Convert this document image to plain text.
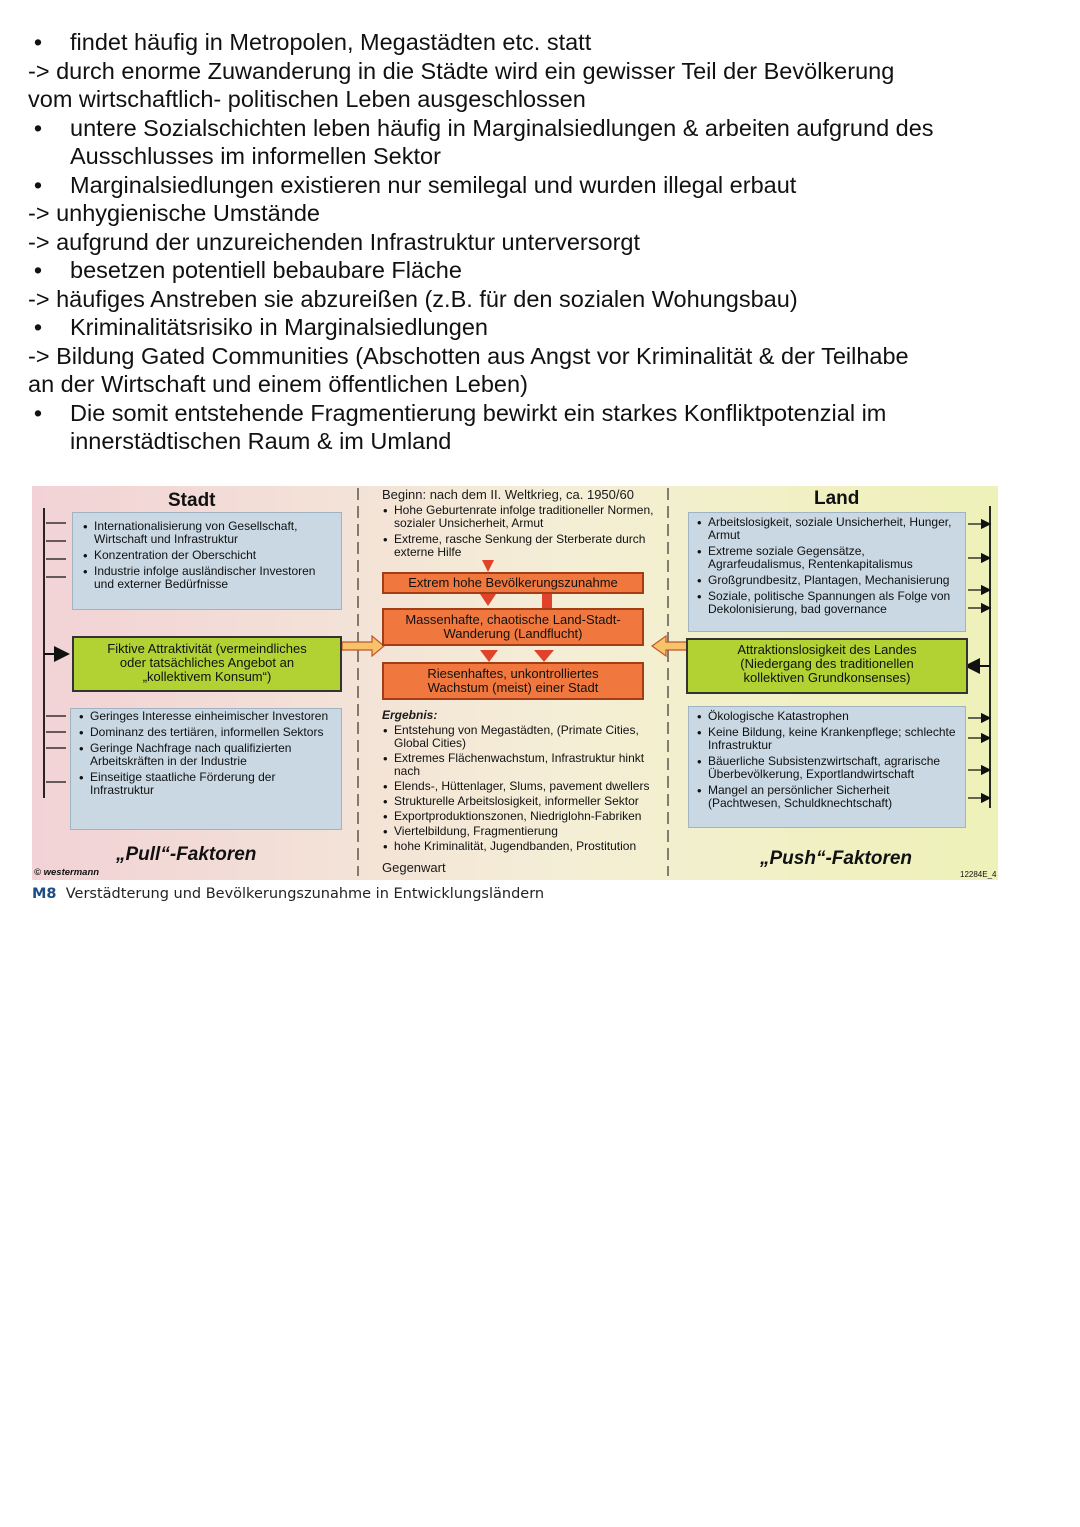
• findet häufig in Metropolen, Megastädten etc. statt
-> durch enorme Zuwanderung in die Städte wird ein gewisser Teil der Bevölkerung
vom wirtschaftlich- politischen Leben ausgeschlossen
• untere Sozialschichten leben häufig in Marginalsiedlungen & arbeiten aufgrund des Ausschlusses im informellen Sektor
• Marginalsiedlungen existieren nur semilegal und wurden illegal erbaut
-> unhygienische Umstände
-> aufgrund der unzureichenden Infrastruktur unterversorgt
• besetzen potentiell bebaubare Fläche
-> häufiges Anstreben sie abzureißen (z.B. für den sozialen Wohungsbau)
• Kriminalitätsrisiko in Marginalsiedlungen
-> Bildung Gated Communities (Abschotten aus Angst vor Kriminalität & der Teilhabe
an der Wirtschaft und einem öffentlichen Leben)
• Die somit entstehende Fragmentierung bewirkt ein starkes Konfliktpotenzial im innerstädtischen Raum & im Umland
Stadt
• Internationalisierung von Gesellschaft, Wirtschaft und Infrastruktur
• Konzentration der Oberschicht
• Industrie infolge ausländischer Investoren und externer Bedürfnisse
Fiktive Attraktivität (vermeindliches oder tatsächliches Angebot an „kollektivem Konsum“)
• Geringes Interesse einheimischer Investoren
• Dominanz des tertiären, informellen Sektors
• Geringe Nachfrage nach qualifizierten Arbeitskräften in der Industrie
• Einseitige staatliche Förderung der Infrastruktur
„Pull“-Faktoren
© westermann
Beginn: nach dem II. Weltkrieg, ca. 1950/60
• Hohe Geburtenrate infolge traditioneller Normen, sozialer Unsicherheit, Armut
• Extreme, rasche Senkung der Sterberate durch externe Hilfe
Extrem hohe Bevölkerungszunahme
Massenhafte, chaotische Land-Stadt-Wanderung (Landflucht)
Riesenhaftes, unkontrolliertes Wachstum (meist) einer Stadt
Ergebnis:
• Entstehung von Megastädten, (Primate Cities, Global Cities)
• Extremes Flächenwachstum, Infrastruktur hinkt nach
• Elends-, Hüttenlager, Slums, pavement dwellers
• Strukturelle Arbeitslosigkeit, informeller Sektor
• Exportproduktionszonen, Niedriglohn-Fabriken
• Viertelbildung, Fragmentierung
• hohe Kriminalität, Jugendbanden, Prostitution
Gegenwart
Land
• Arbeitslosigkeit, soziale Unsicherheit, Hunger, Armut
• Extreme soziale Gegensätze, Agrarfeudalismus, Rentenkapitalismus
• Großgrundbesitz, Plantagen, Mechanisierung
• Soziale, politische Spannungen als Folge von Dekolonisierung, bad governance
Attraktionslosigkeit des Landes (Niedergang des traditionellen kollektiven Grundkonsenses)
• Ökologische Katastrophen
• Keine Bildung, keine Krankenpflege; schlechte Infrastruktur
• Bäuerliche Subsistenzwirtschaft, agrarische Überbevölkerung, Exportlandwirtschaft
• Mangel an persönlicher Sicherheit (Pachtwesen, Schuldknechtschaft)
„Push“-Faktoren
12284E_4
M8 Verstädterung und Bevölkerungszunahme in Entwicklungsländern
